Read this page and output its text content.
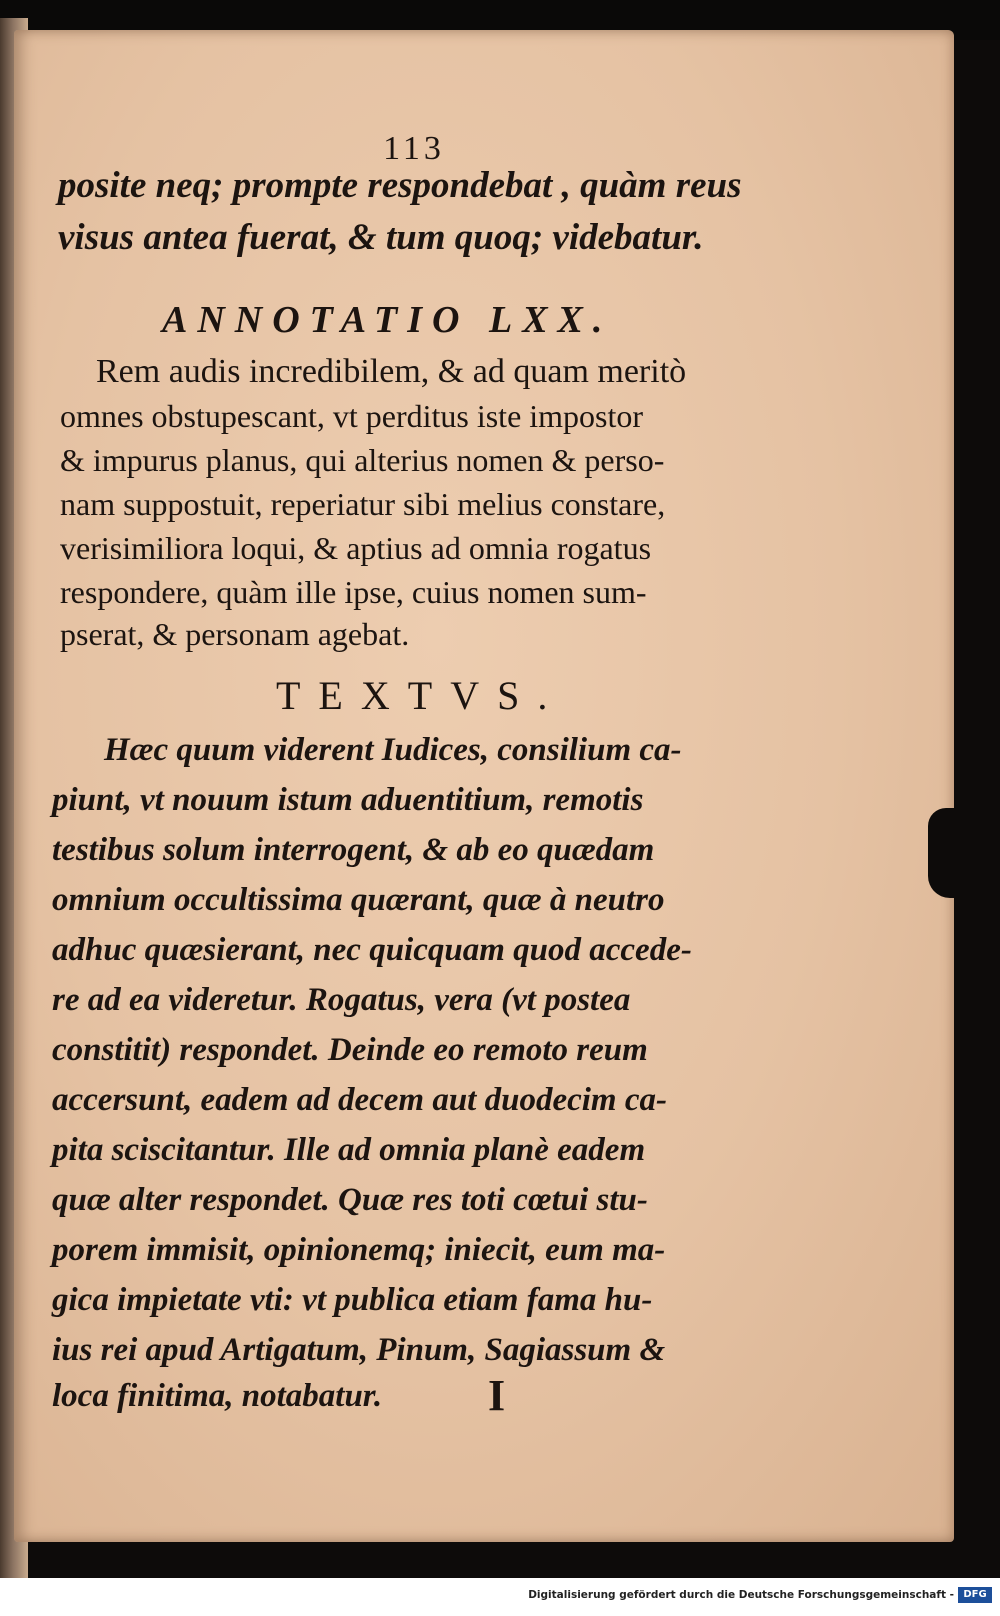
113
posite neq; prompte respondebat , quàm reus
visus antea fuerat, & tum quoq; videbatur.
ANNOTATIO LXX.
Rem audis incredibilem, & ad quam meritò
omnes obstupescant, vt perditus iste impostor
& impurus planus, qui alterius nomen & perso-
nam suppostuit, reperiatur sibi melius constare,
verisimiliora loqui, & aptius ad omnia rogatus
respondere, quàm ille ipse, cuius nomen sum-
pserat, & personam agebat.
TEXTVS.
Hæc quum viderent Iudices, consilium ca-
piunt, vt nouum istum aduentitium, remotis
testibus solum interrogent, & ab eo quædam
omnium occultissima quærant, quæ à neutro
adhuc quæsierant, nec quicquam quod accede-
re ad ea videretur. Rogatus, vera (vt postea
constitit) respondet. Deinde eo remoto reum
accersunt, eadem ad decem aut duodecim ca-
pita sciscitantur. Ille ad omnia planè eadem
quæ alter respondet. Quæ res toti cœtui stu-
porem immisit, opinionemq; iniecit, eum ma-
gica impietate vti: vt publica etiam fama hu-
ius rei apud Artigatum, Pinum, Sagiassum &
loca finitima, notabatur. I
Digitalisierung gefördert durch die Deutsche Forschungsgemeinschaft - DFG
